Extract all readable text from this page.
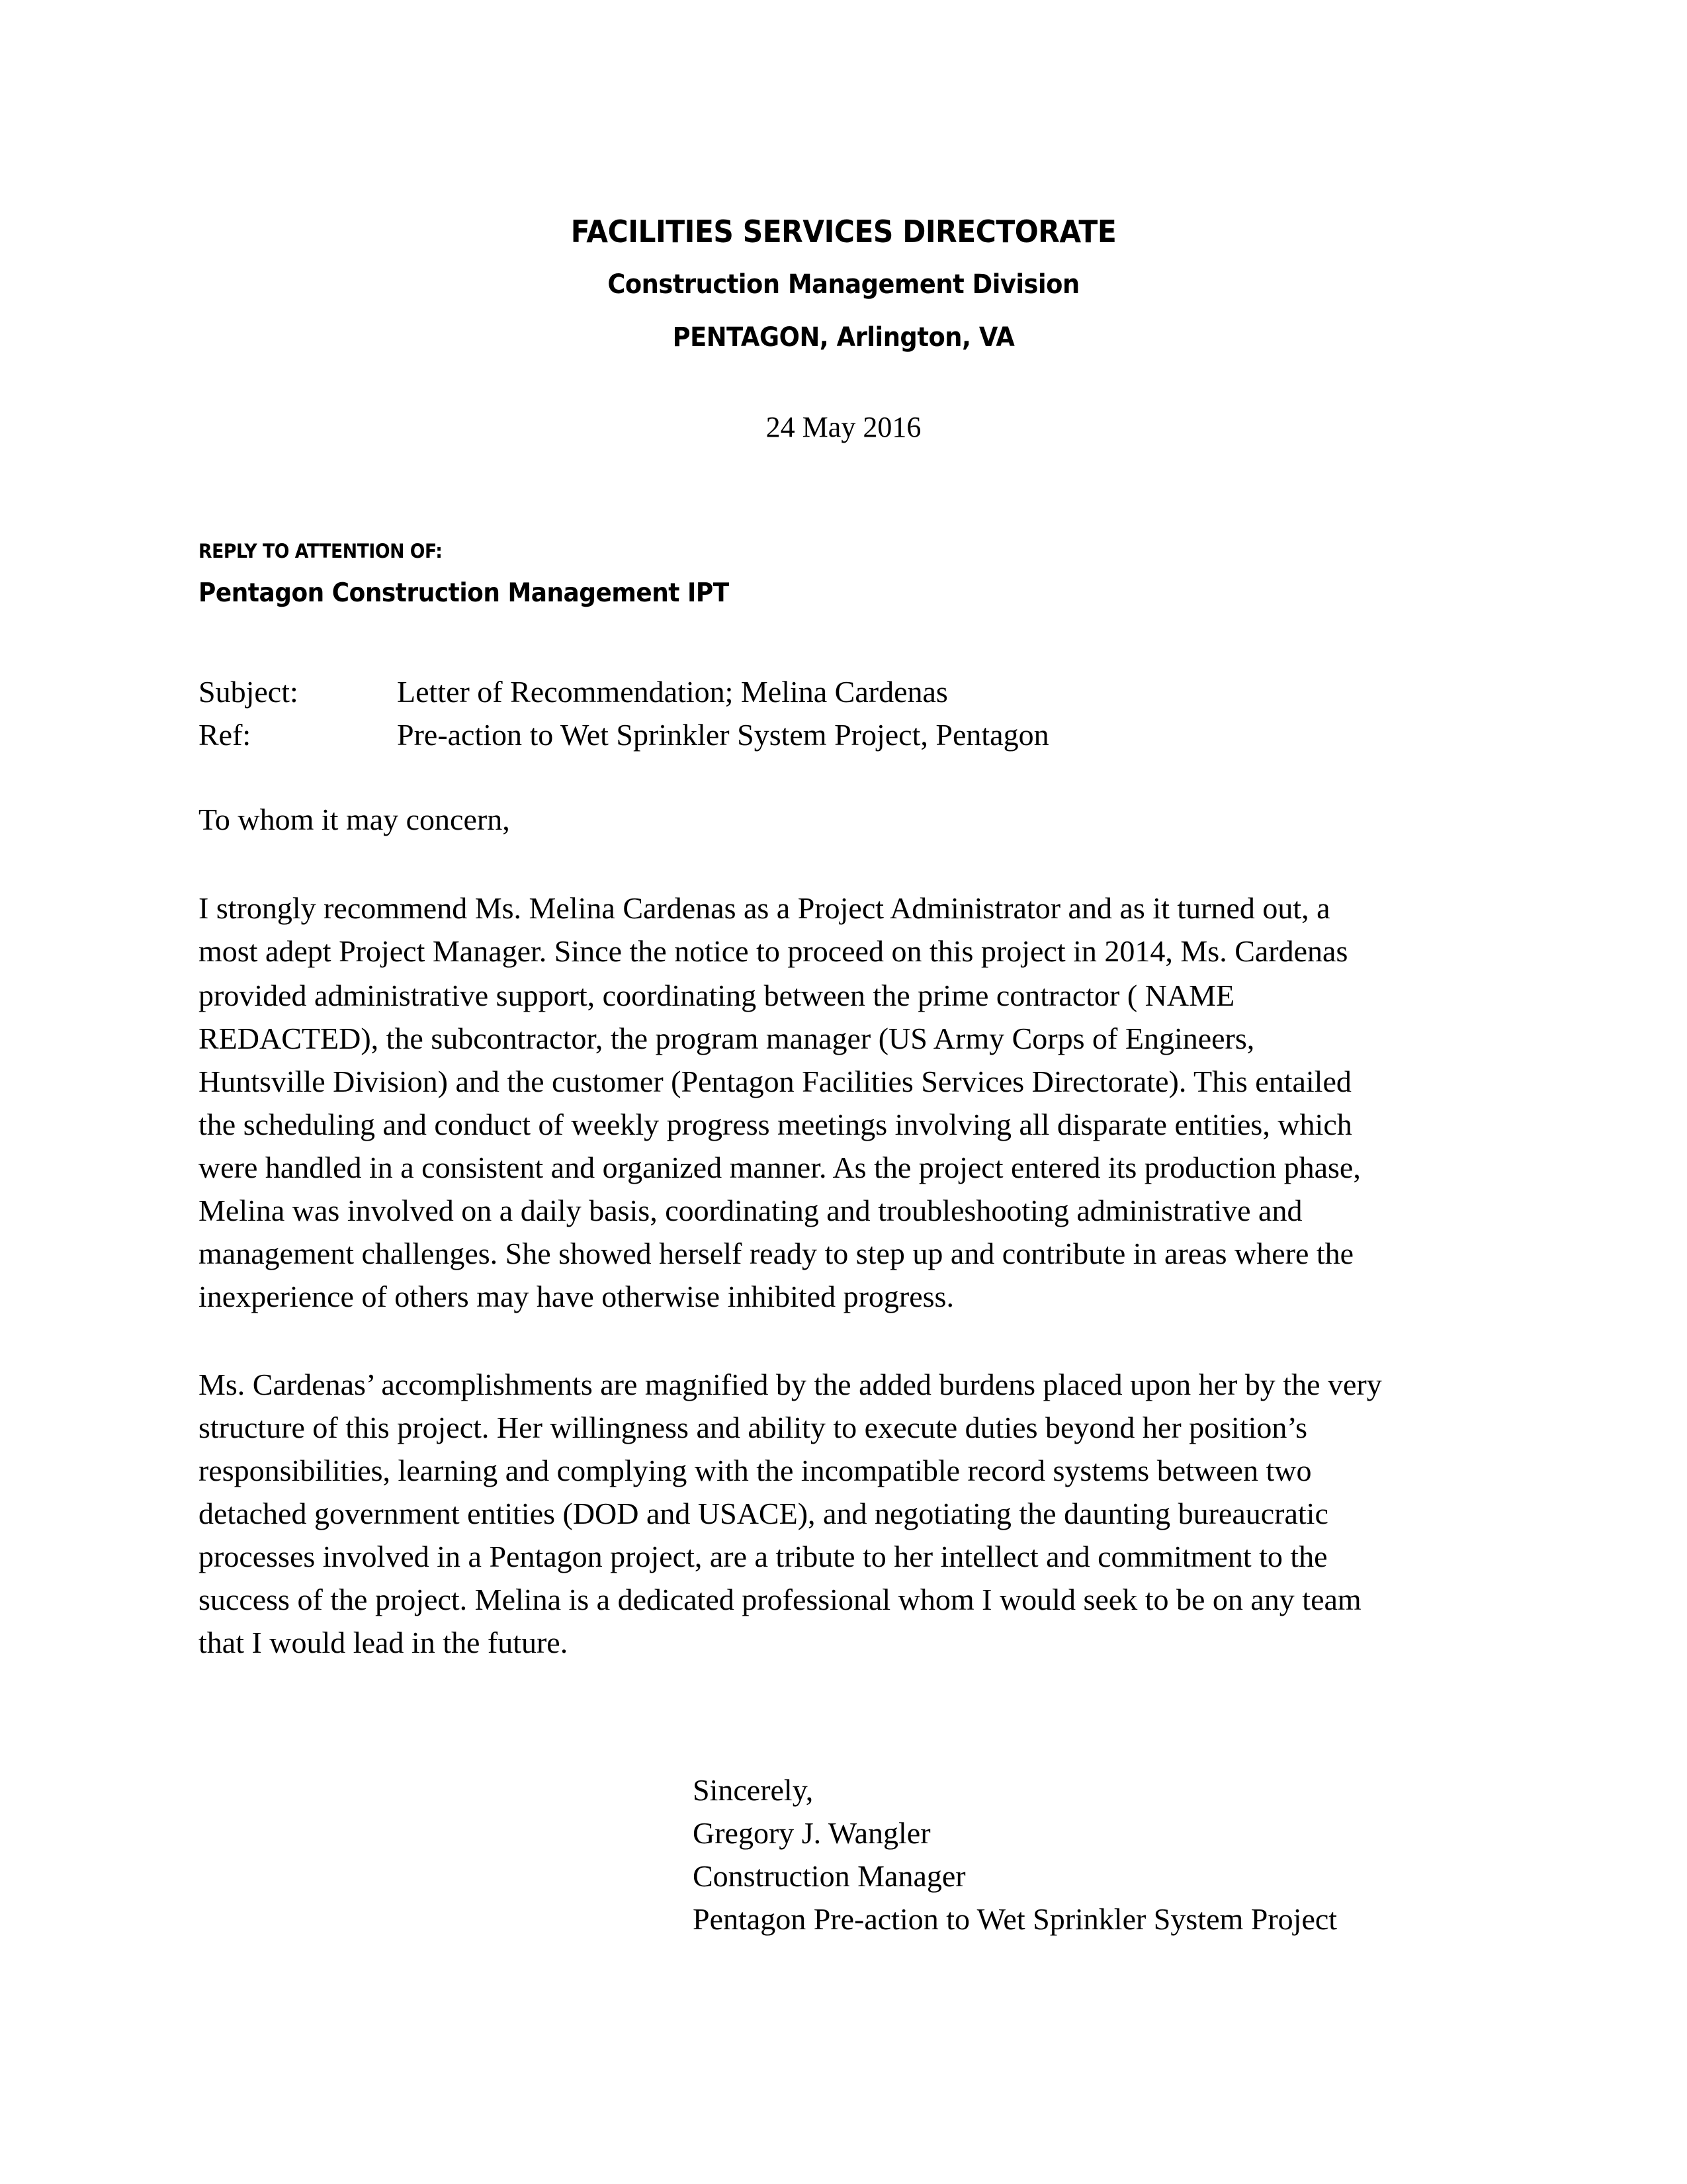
FACILITIES SERVICES DIRECTORATE
Construction Management Division
PENTAGON, Arlington, VA
24 May 2016
REPLY TO ATTENTION OF:
Pentagon Construction Management IPT
Subject:	Letter of Recommendation; Melina Cardenas
Ref:	Pre-action to Wet Sprinkler System Project, Pentagon
To whom it may concern,
I strongly recommend Ms. Melina Cardenas as a Project Administrator and as it turned out, a
most adept Project Manager. Since the notice to proceed on this project in 2014, Ms. Cardenas
provided administrative support, coordinating between the prime contractor ( NAME
REDACTED), the subcontractor, the program manager (US Army Corps of Engineers,
Huntsville Division) and the customer (Pentagon Facilities Services Directorate). This entailed
the scheduling and conduct of weekly progress meetings involving all disparate entities, which
were handled in a consistent and organized manner. As the project entered its production phase,
Melina was involved on a daily basis, coordinating and troubleshooting administrative and
management challenges. She showed herself ready to step up and contribute in areas where the
inexperience of others may have otherwise inhibited progress.
Ms. Cardenas’ accomplishments are magnified by the added burdens placed upon her by the very
structure of this project. Her willingness and ability to execute duties beyond her position’s
responsibilities, learning and complying with the incompatible record systems between two
detached government entities (DOD and USACE), and negotiating the daunting bureaucratic
processes involved in a Pentagon project, are a tribute to her intellect and commitment to the
success of the project. Melina is a dedicated professional whom I would seek to be on any team
that I would lead in the future.
Sincerely,
Gregory J. Wangler
Construction Manager
Pentagon Pre-action to Wet Sprinkler System Project
